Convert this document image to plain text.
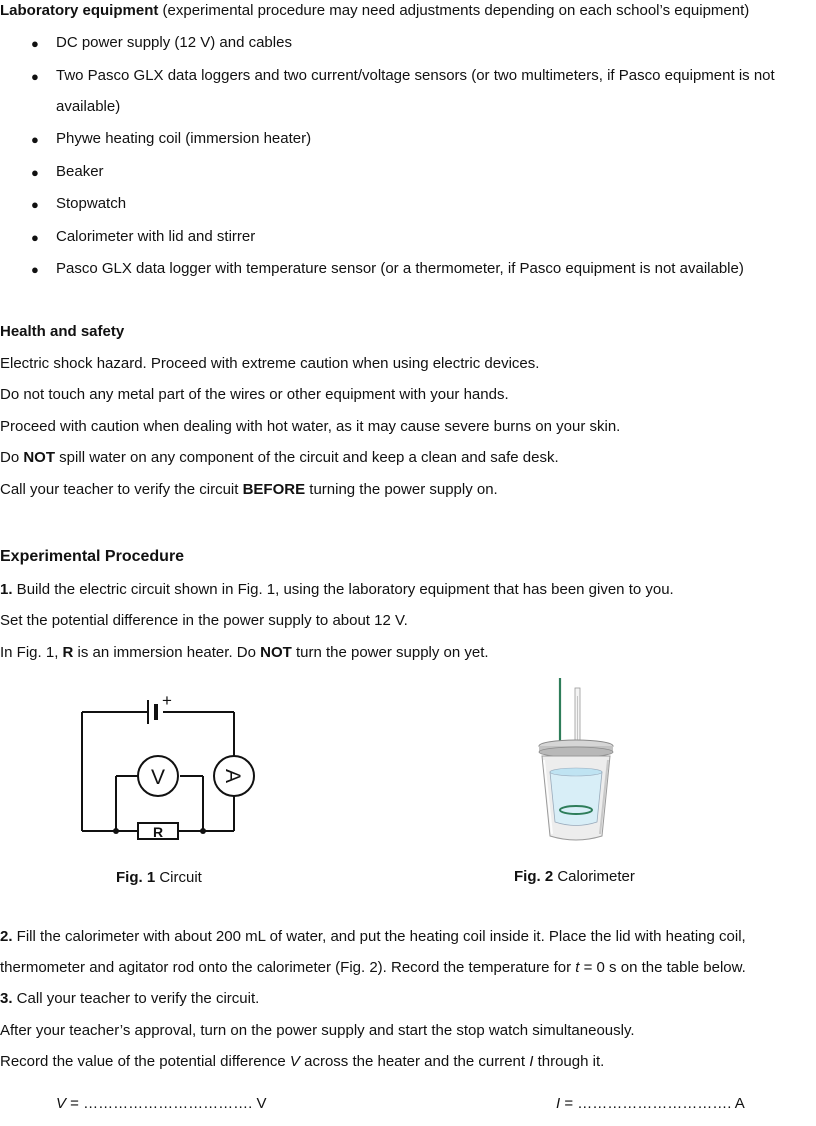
Laboratory equipment (experimental procedure may need adjustments depending on each school’s equipment)
● DC power supply (12 V) and cables
● Two Pasco GLX data loggers and two current/voltage sensors (or two multimeters, if Pasco equipment is not
available)
● Phywe heating coil (immersion heater)
● Beaker
● Stopwatch
● Calorimeter with lid and stirrer
● Pasco GLX data logger with temperature sensor (or a thermometer, if Pasco equipment is not available)
Health and safety
Electric shock hazard. Proceed with extreme caution when using electric devices.
Do not touch any metal part of the wires or other equipment with your hands.
Proceed with caution when dealing with hot water, as it may cause severe burns on your skin.
Do NOT spill water on any component of the circuit and keep a clean and safe desk.
Call your teacher to verify the circuit BEFORE turning the power supply on.
Experimental Procedure
1. Build the electric circuit shown in Fig. 1, using the laboratory equipment that has been given to you.
Set the potential difference in the power supply to about 12 V.
In Fig. 1, R is an immersion heater. Do NOT turn the power supply on yet.
+
V	A
R
Fig. 1 Circuit	Fig. 2 Calorimeter
2. Fill the calorimeter with about 200 mL of water, and put the heating coil inside it. Place the lid with heating coil,
thermometer and agitator rod onto the calorimeter (Fig. 2). Record the temperature for t = 0 s on the table below.
3. Call your teacher to verify the circuit.
After your teacher’s approval, turn on the power supply and start the stop watch simultaneously.
Record the value of the potential difference V across the heater and the current I through it.
V = ……………………………. V	I = …………………………. A
